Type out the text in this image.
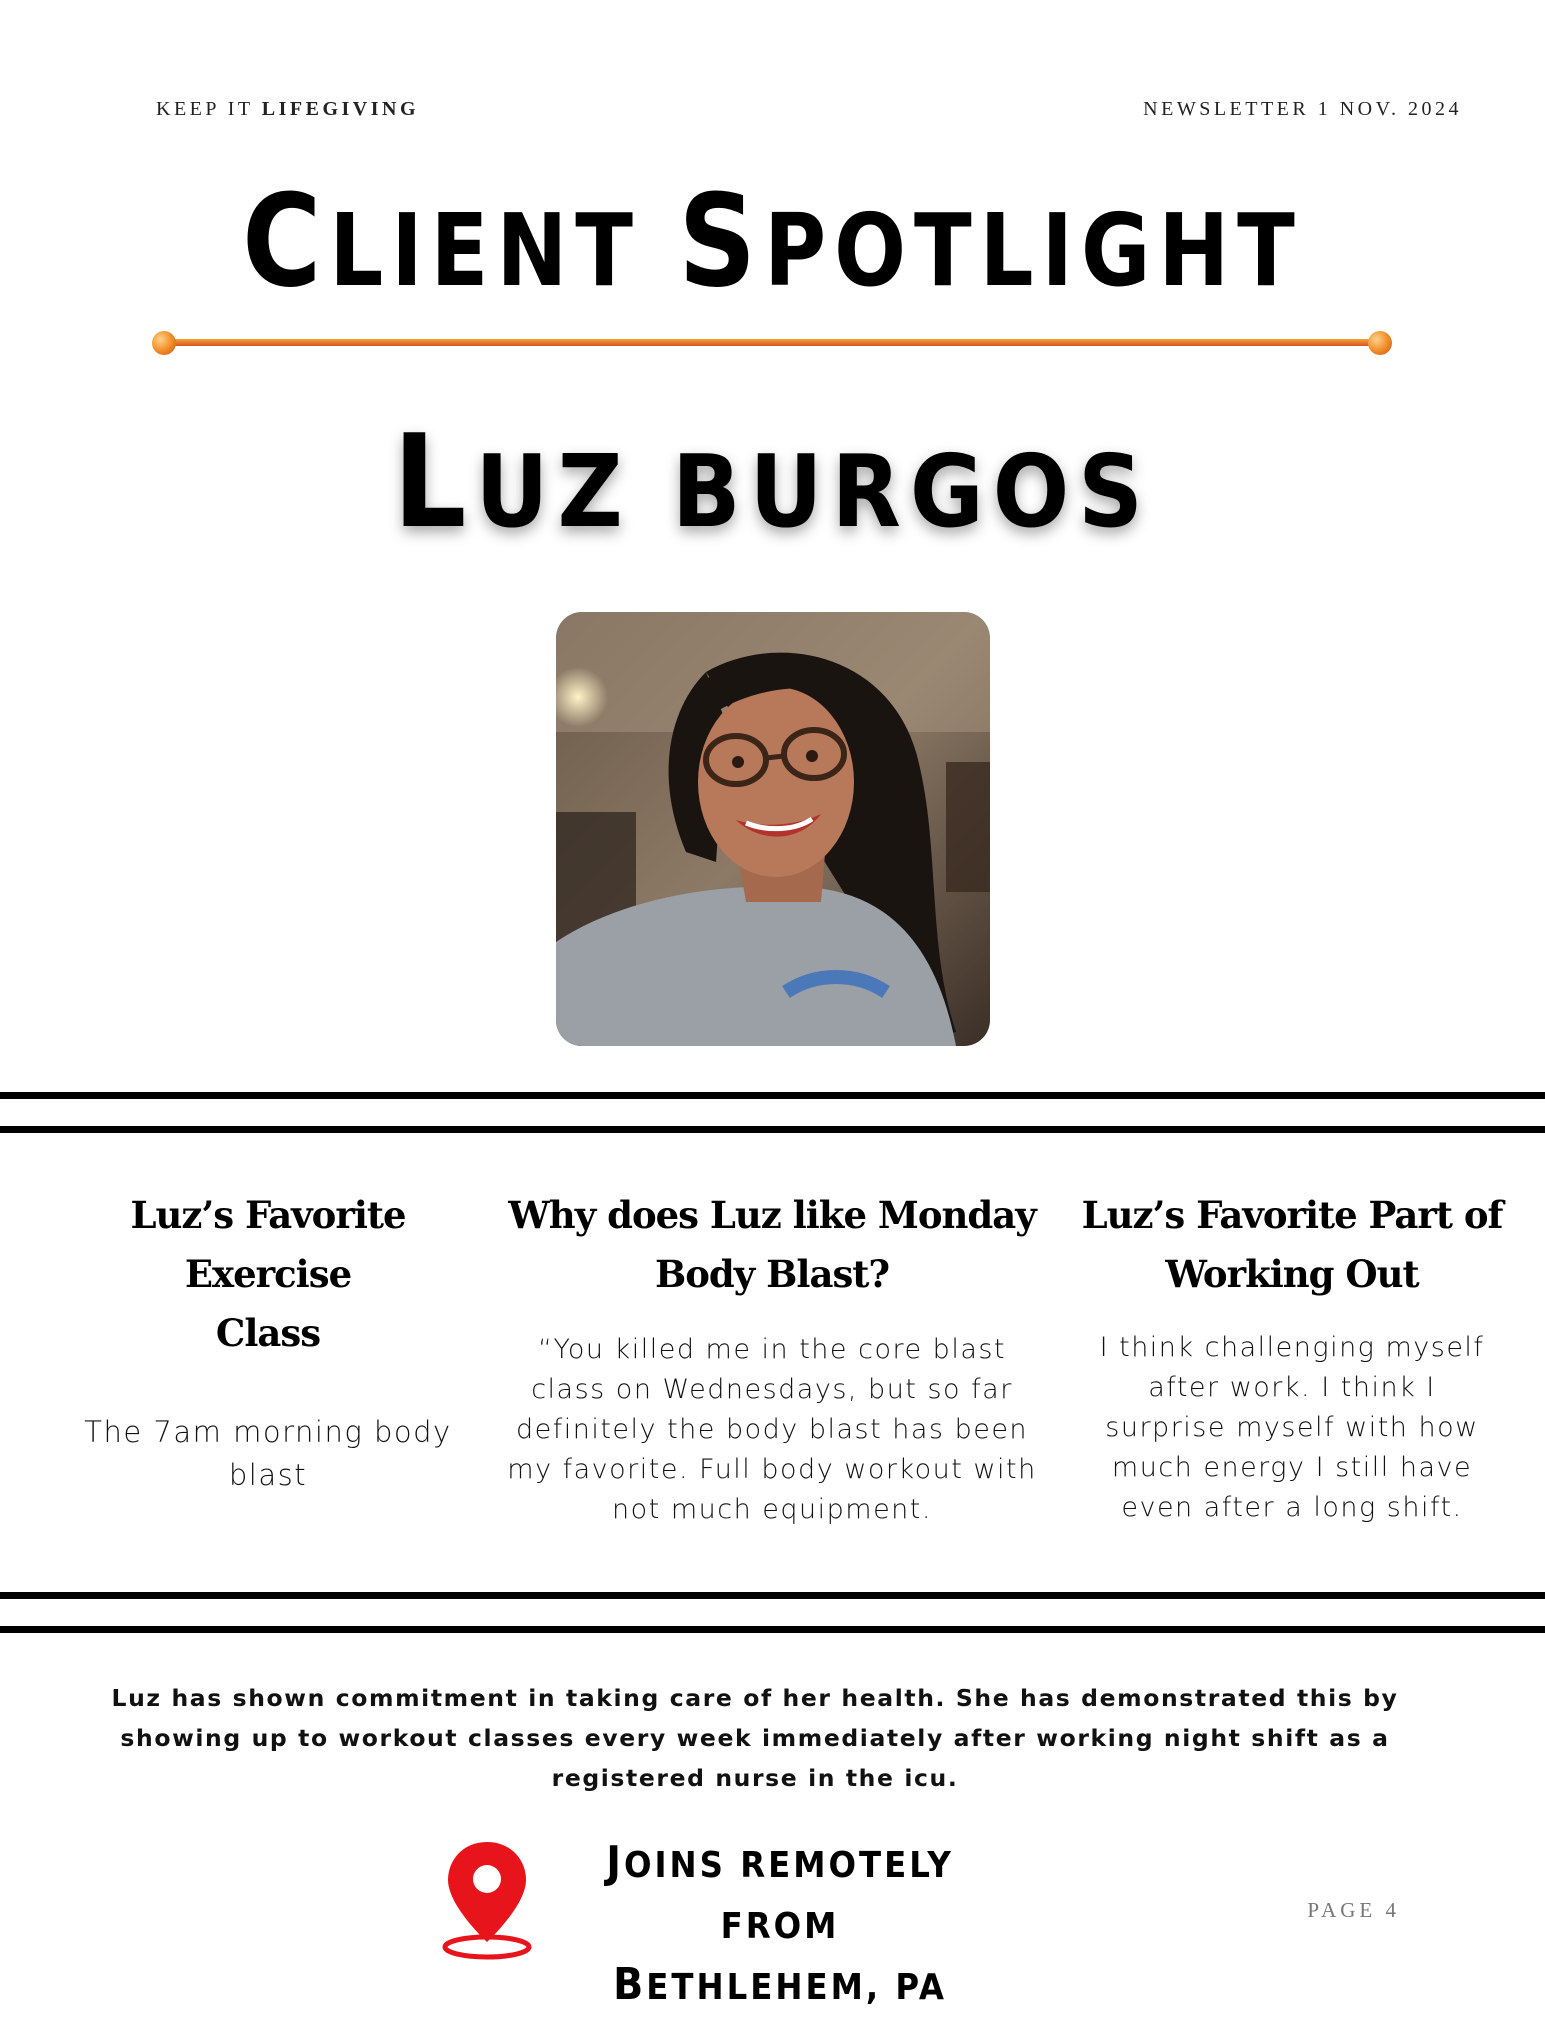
KEEP IT LIFEGIVING	NEWSLETTER 1 NOV. 2024
CLIENT SPOTLIGHT
LUZ BURGOS
Luz’s Favorite Exercise Class

The 7am morning body blast

Why does Luz like Monday Body Blast?

“You killed me in the core blast class on Wednesdays, but so far definitely the body blast has been my favorite. Full body workout with not much equipment.

Luz’s Favorite Part of Working Out

I think challenging myself after work. I think I surprise myself with how much energy I still have even after a long shift.

Luz has shown commitment in taking care of her health. She has demonstrated this by showing up to workout classes every week immediately after working night shift as a registered nurse in the icu.
JOINS REMOTELY FROM
BETHLEHEM, PA
PAGE 4
